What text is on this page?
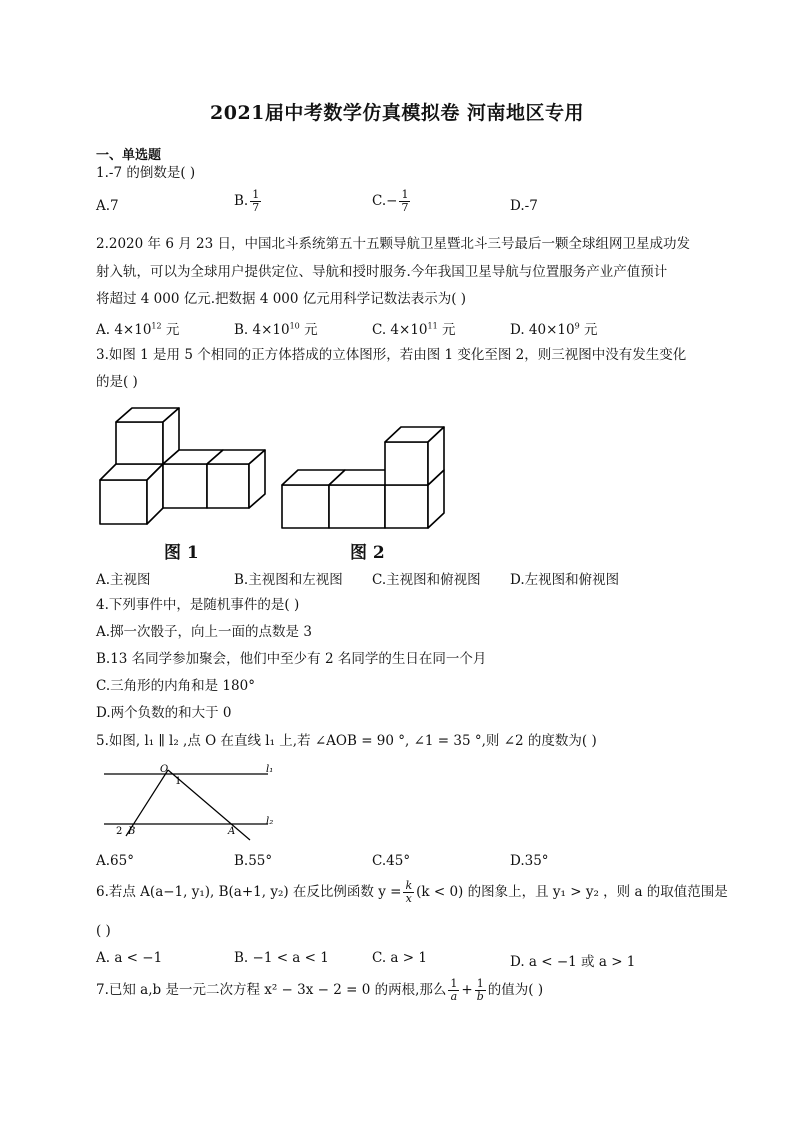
2021届中考数学仿真模拟卷 河南地区专用
一、单选题
1.-7 的倒数是( )
A.7	B. $\frac{1}{7}$	$C.- \frac{1}{7}$	D.-7
2.2020 年 6 月 23 日，中国北斗系统第五十五颗导航卫星暨北斗三号最后一颗全球组网卫星成功发
射入轨，可以为全球用户提供定位、导航和授时服务.今年我国卫星导航与位置服务产业产值预计
将超过 4 000 亿元.把数据 4 000 亿元用科学记数法表示为( )
A. $4\times 10^{12}$ 元	B. $4\times 10^{10}$ 元	C. $4\times 10^{11}$ 元	D. $40\times 10^9$ 元
3.如图 1 是用 5 个相同的正方体搭成的立体图形，若由图 1 变化至图 2，则三视图中没有发生变化
的是( )
图 1	图 2
A.主视图	B.主视图和左视图 C.主视图和俯视图 D.左视图和俯视图
4.下列事件中，是随机事件的是( )
A.掷一次骰子，向上一面的点数是 3
B.13 名同学参加聚会，他们中至少有 2 名同学的生日在同一个月
C.三角形的内角和是 180°
D.两个负数的和大于 0
5.如图, l₁ ∥ l₂ ,点 O 在直线 l₁ 上,若 ∠AOB = 90 °, ∠1 = 35 °,则 ∠2 的度数为( )
O
1
l₁
l₂
2 B	A
A.65°	B.55°	C.45°	D.35°
6.若点 A(a−1, y₁), B(a+1, y₂) 在反比例函数 $y = \frac{k}{x} (k < 0)$ 的图象上，且 y₁ > y₂ ，则 a 的取值范围是
( )
A. a < −1	B. −1 < a < 1	C. a > 1	D. a < −1 或 a > 1
7.已知 a,b 是一元二次方程 x² − 3x − 2 = 0 的两根,那么 $\frac{1}{a} + \frac{1}{b}$ 的值为( )
